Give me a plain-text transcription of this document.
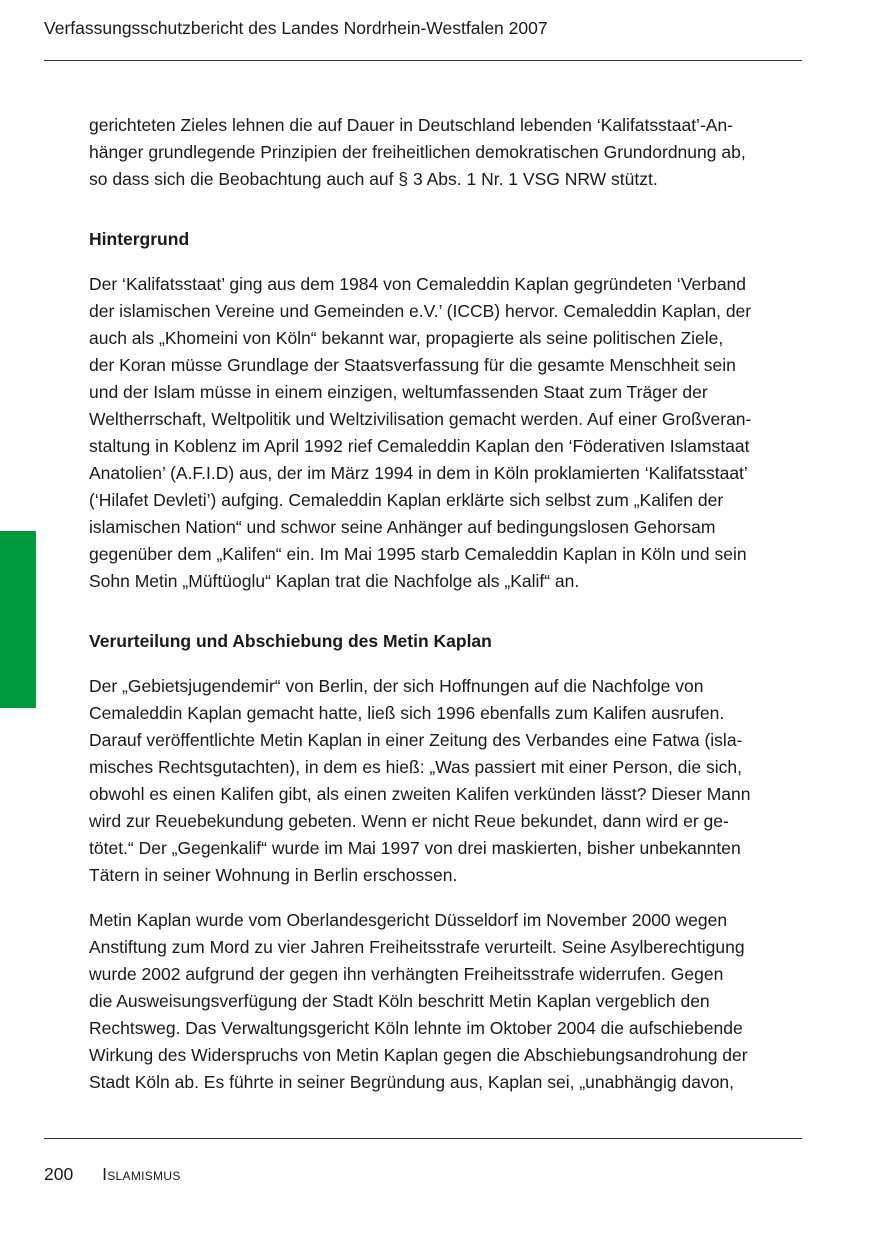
Verfassungsschutzbericht des Landes Nordrhein-Westfalen 2007
gerichteten Zieles lehnen die auf Dauer in Deutschland lebenden ‘Kalifatsstaat’-An-
hänger grundlegende Prinzipien der freiheitlichen demokratischen Grundordnung ab,
so dass sich die Beobachtung auch auf § 3 Abs. 1 Nr. 1 VSG NRW stützt.
Hintergrund
Der ‘Kalifatsstaat’ ging aus dem 1984 von Cemaleddin Kaplan gegründeten ‘Verband
der islamischen Vereine und Gemeinden e.V.’ (ICCB) hervor. Cemaleddin Kaplan, der
auch als „Khomeini von Köln“ bekannt war, propagierte als seine politischen Ziele,
der Koran müsse Grundlage der Staatsverfassung für die gesamte Menschheit sein
und der Islam müsse in einem einzigen, weltumfassenden Staat zum Träger der
Weltherrschaft, Weltpolitik und Weltzivilisation gemacht werden. Auf einer Großveran-
staltung in Koblenz im April 1992 rief Cemaleddin Kaplan den ‘Föderativen Islamstaat
Anatolien’ (A.F.I.D) aus, der im März 1994 in dem in Köln proklamierten ‘Kalifatsstaat’
(‘Hilafet Devleti’) aufging. Cemaleddin Kaplan erklärte sich selbst zum „Kalifen der
islamischen Nation“ und schwor seine Anhänger auf bedingungslosen Gehorsam
gegenüber dem „Kalifen“ ein. Im Mai 1995 starb Cemaleddin Kaplan in Köln und sein
Sohn Metin „Müftüoglu“ Kaplan trat die Nachfolge als „Kalif“ an.
Verurteilung und Abschiebung des Metin Kaplan
Der „Gebietsjugendemir“ von Berlin, der sich Hoffnungen auf die Nachfolge von
Cemaleddin Kaplan gemacht hatte, ließ sich 1996 ebenfalls zum Kalifen ausrufen.
Darauf veröffentlichte Metin Kaplan in einer Zeitung des Verbandes eine Fatwa (isla-
misches Rechtsgutachten), in dem es hieß: „Was passiert mit einer Person, die sich,
obwohl es einen Kalifen gibt, als einen zweiten Kalifen verkünden lässt? Dieser Mann
wird zur Reuebekundung gebeten. Wenn er nicht Reue bekundet, dann wird er ge-
tötet.“ Der „Gegenkalif“ wurde im Mai 1997 von drei maskierten, bisher unbekannten
Tätern in seiner Wohnung in Berlin erschossen.
Metin Kaplan wurde vom Oberlandesgericht Düsseldorf im November 2000 wegen
Anstiftung zum Mord zu vier Jahren Freiheitsstrafe verurteilt. Seine Asylberechtigung
wurde 2002 aufgrund der gegen ihn verhängten Freiheitsstrafe widerrufen. Gegen
die Ausweisungsverfügung der Stadt Köln beschritt Metin Kaplan vergeblich den
Rechtsweg. Das Verwaltungsgericht Köln lehnte im Oktober 2004 die aufschiebende
Wirkung des Widerspruchs von Metin Kaplan gegen die Abschiebungsandrohung der
Stadt Köln ab. Es führte in seiner Begründung aus, Kaplan sei, „unabhängig davon,
200 Islamismus
